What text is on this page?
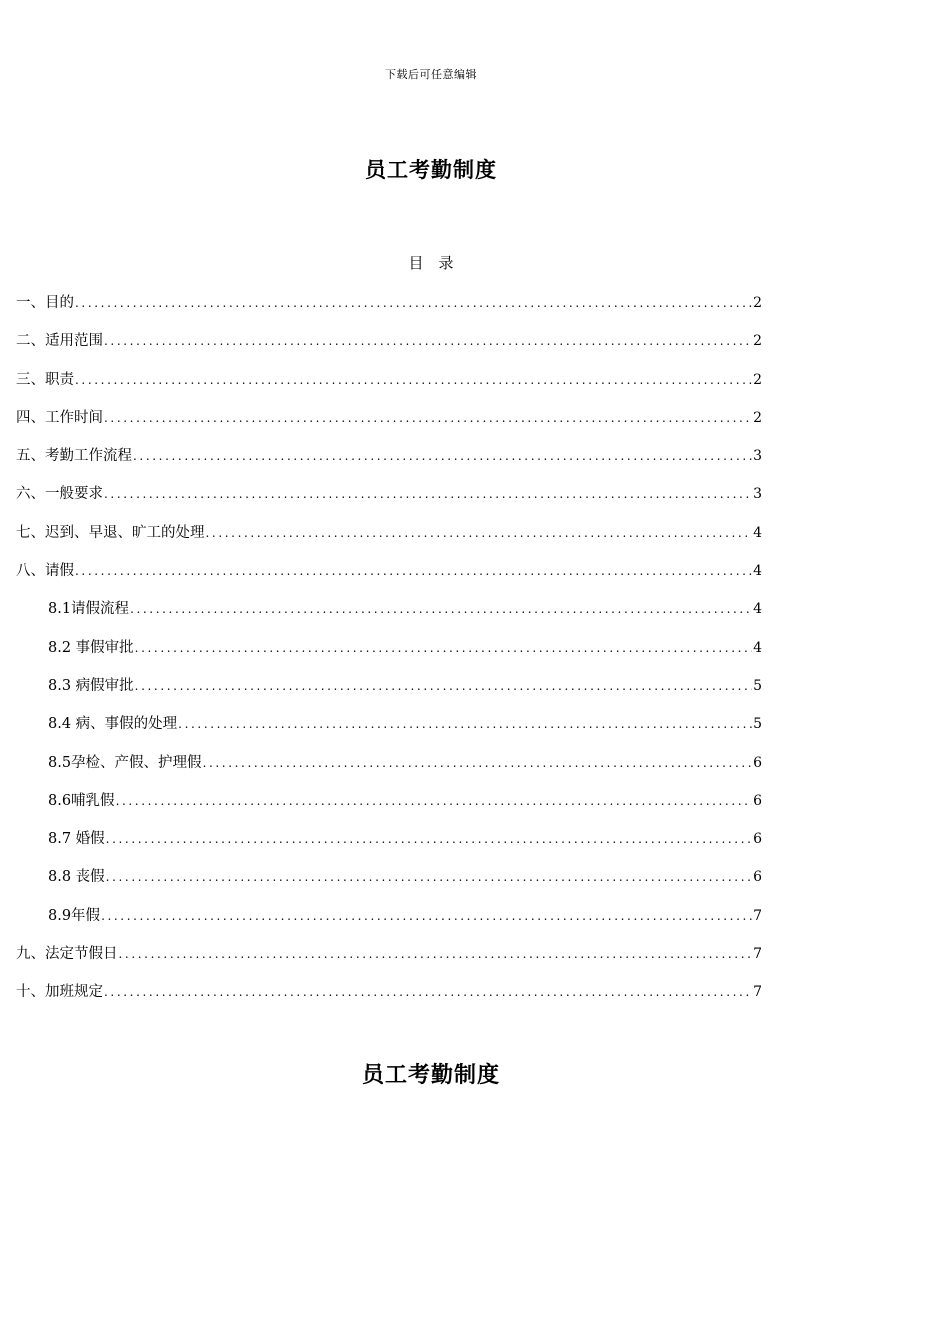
下载后可任意编辑
员工考勤制度
目　录
一、目的 .....	2
二、适用范围 .....	2
三、职责 .....	2
四、工作时间 .....	2
五、考勤工作流程 .....	3
六、一般要求 .....	3
七、迟到、早退、旷工的处理 .....	4
八、请假 .....	4
8.1请假流程 .....	4
8.2 事假审批 .....	4
8.3 病假审批 .....	5
8.4 病、事假的处理 .....	5
8.5孕检、产假、护理假 .....	6
8.6哺乳假 .....	6
8.7 婚假 .....	6
8.8 丧假 .....	6
8.9年假 .....	7
九、法定节假日 .....	7
十、加班规定 .....	7
员工考勤制度
